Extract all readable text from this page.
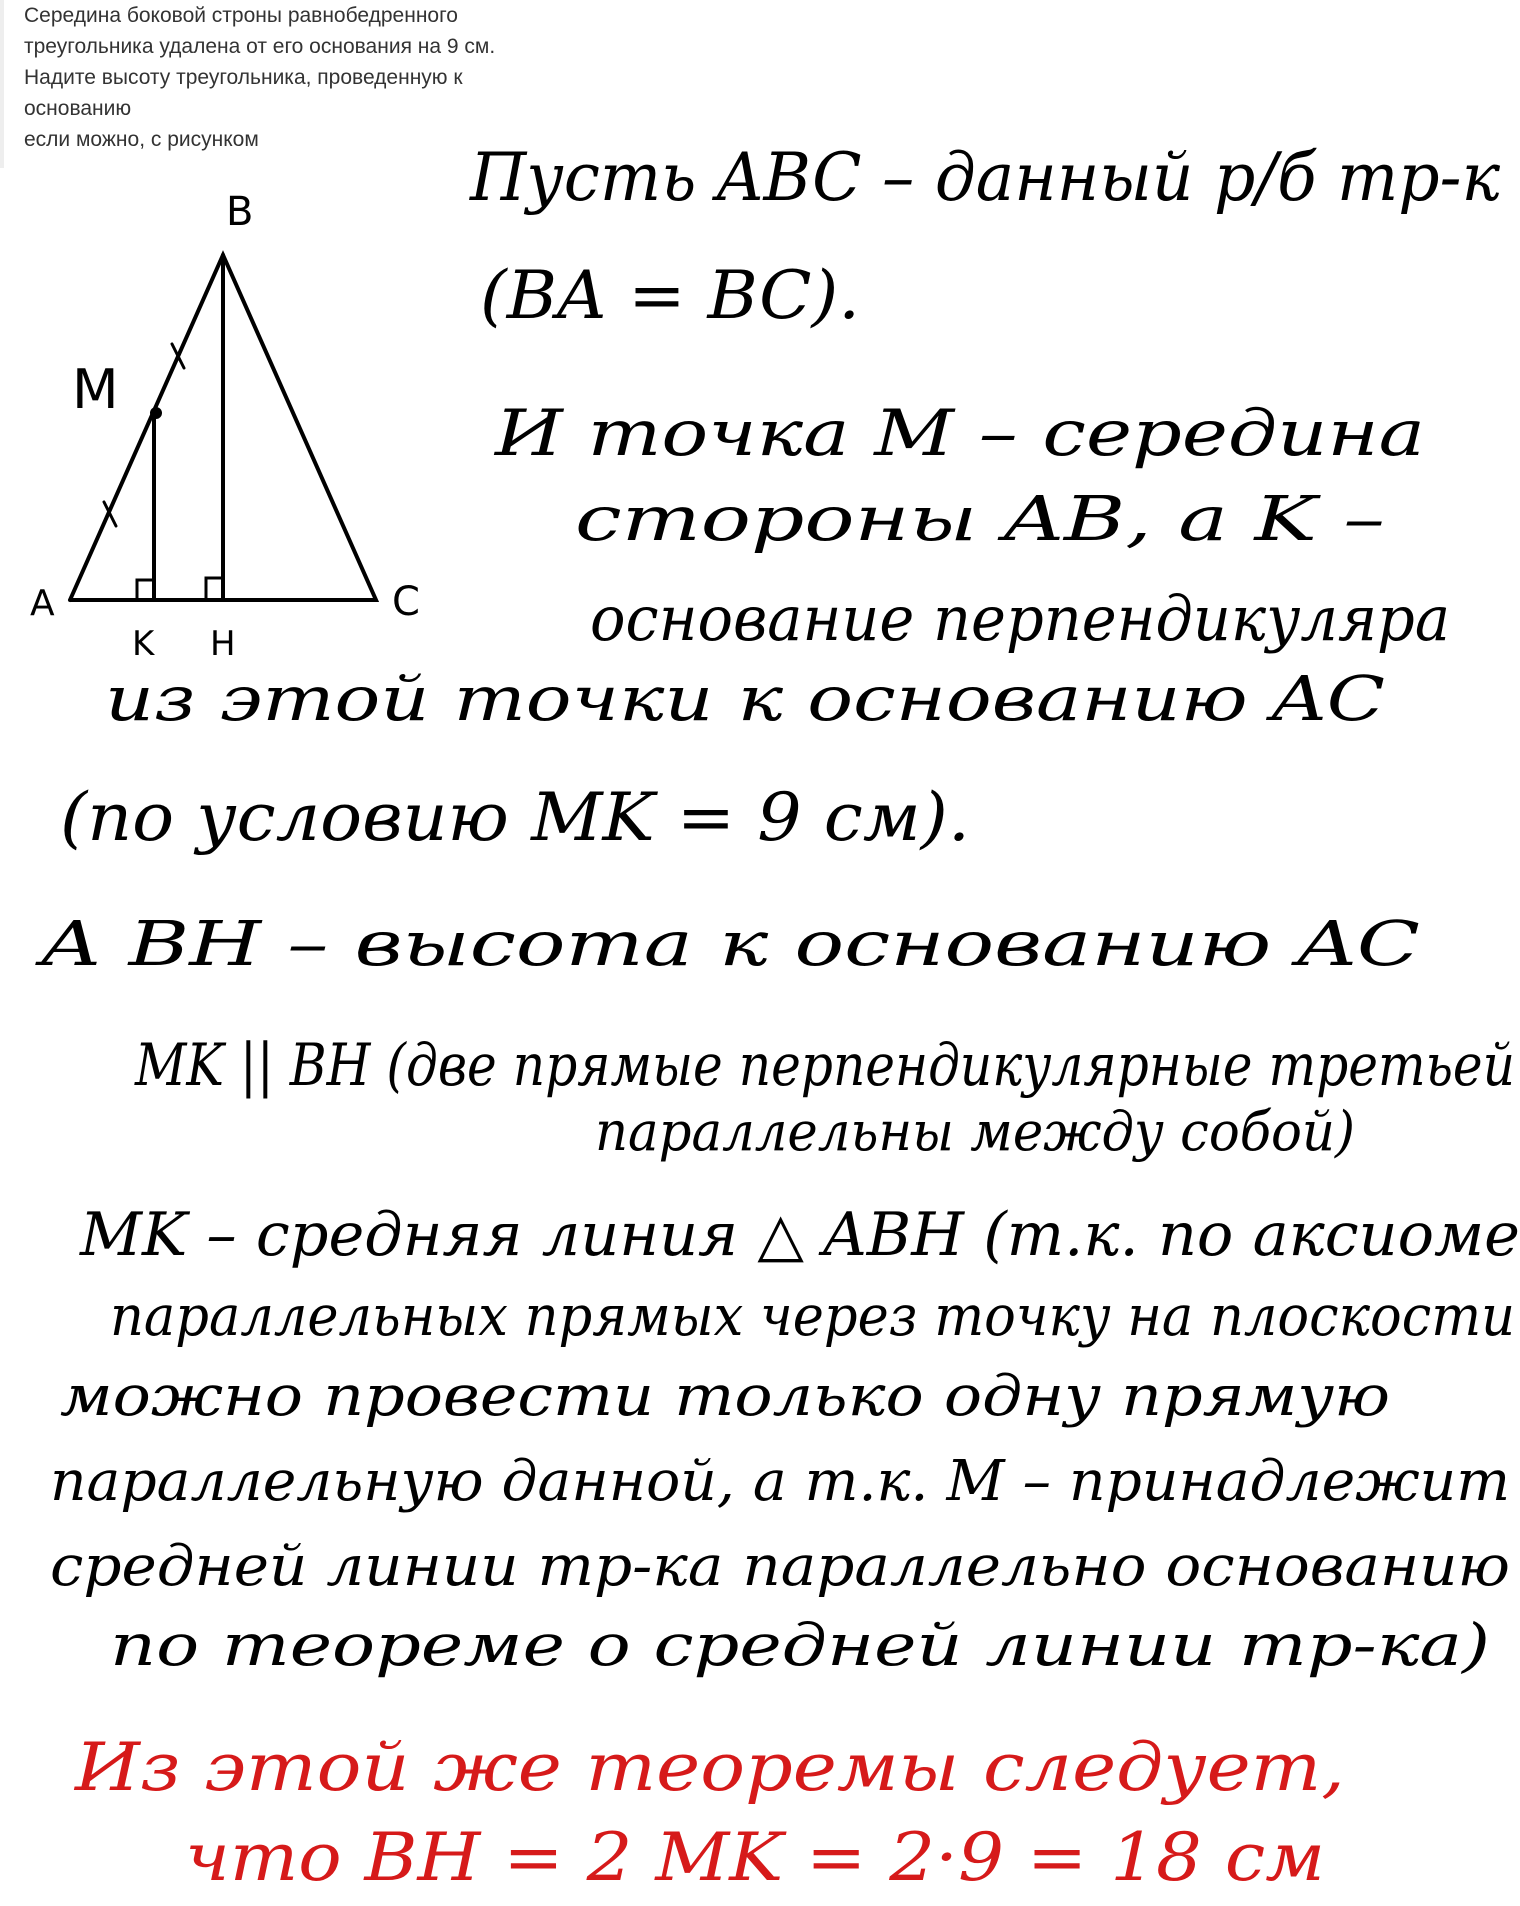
Середина боковой строны равнобедренного
треугольника удалена от его основания на 9 см.
Надите высоту треугольника, проведенную к
основанию
если можно, с рисунком
B
A	C
M
K H
Пусть ABC – данный р/б тр-к
(BA = BC).
И точка M – середина
стороны AB, а K –
основание перпендикуляра
из этой точки к основанию AC
(по условию MK = 9 см).
А BH – высота к основанию AC
MK || BH (две прямые перпендикулярные третьей
параллельны между собой)
MK – средняя линия △ ABH (т.к. по аксиоме
параллельных прямых через точку на плоскости
можно провести только одну прямую
параллельную данной, а т.к. M – принадлежит
средней линии тр-ка параллельно основанию
по теореме о средней линии тр-ка)
Из этой же теоремы следует,
что BH = 2 MK = 2·9 = 18 см
